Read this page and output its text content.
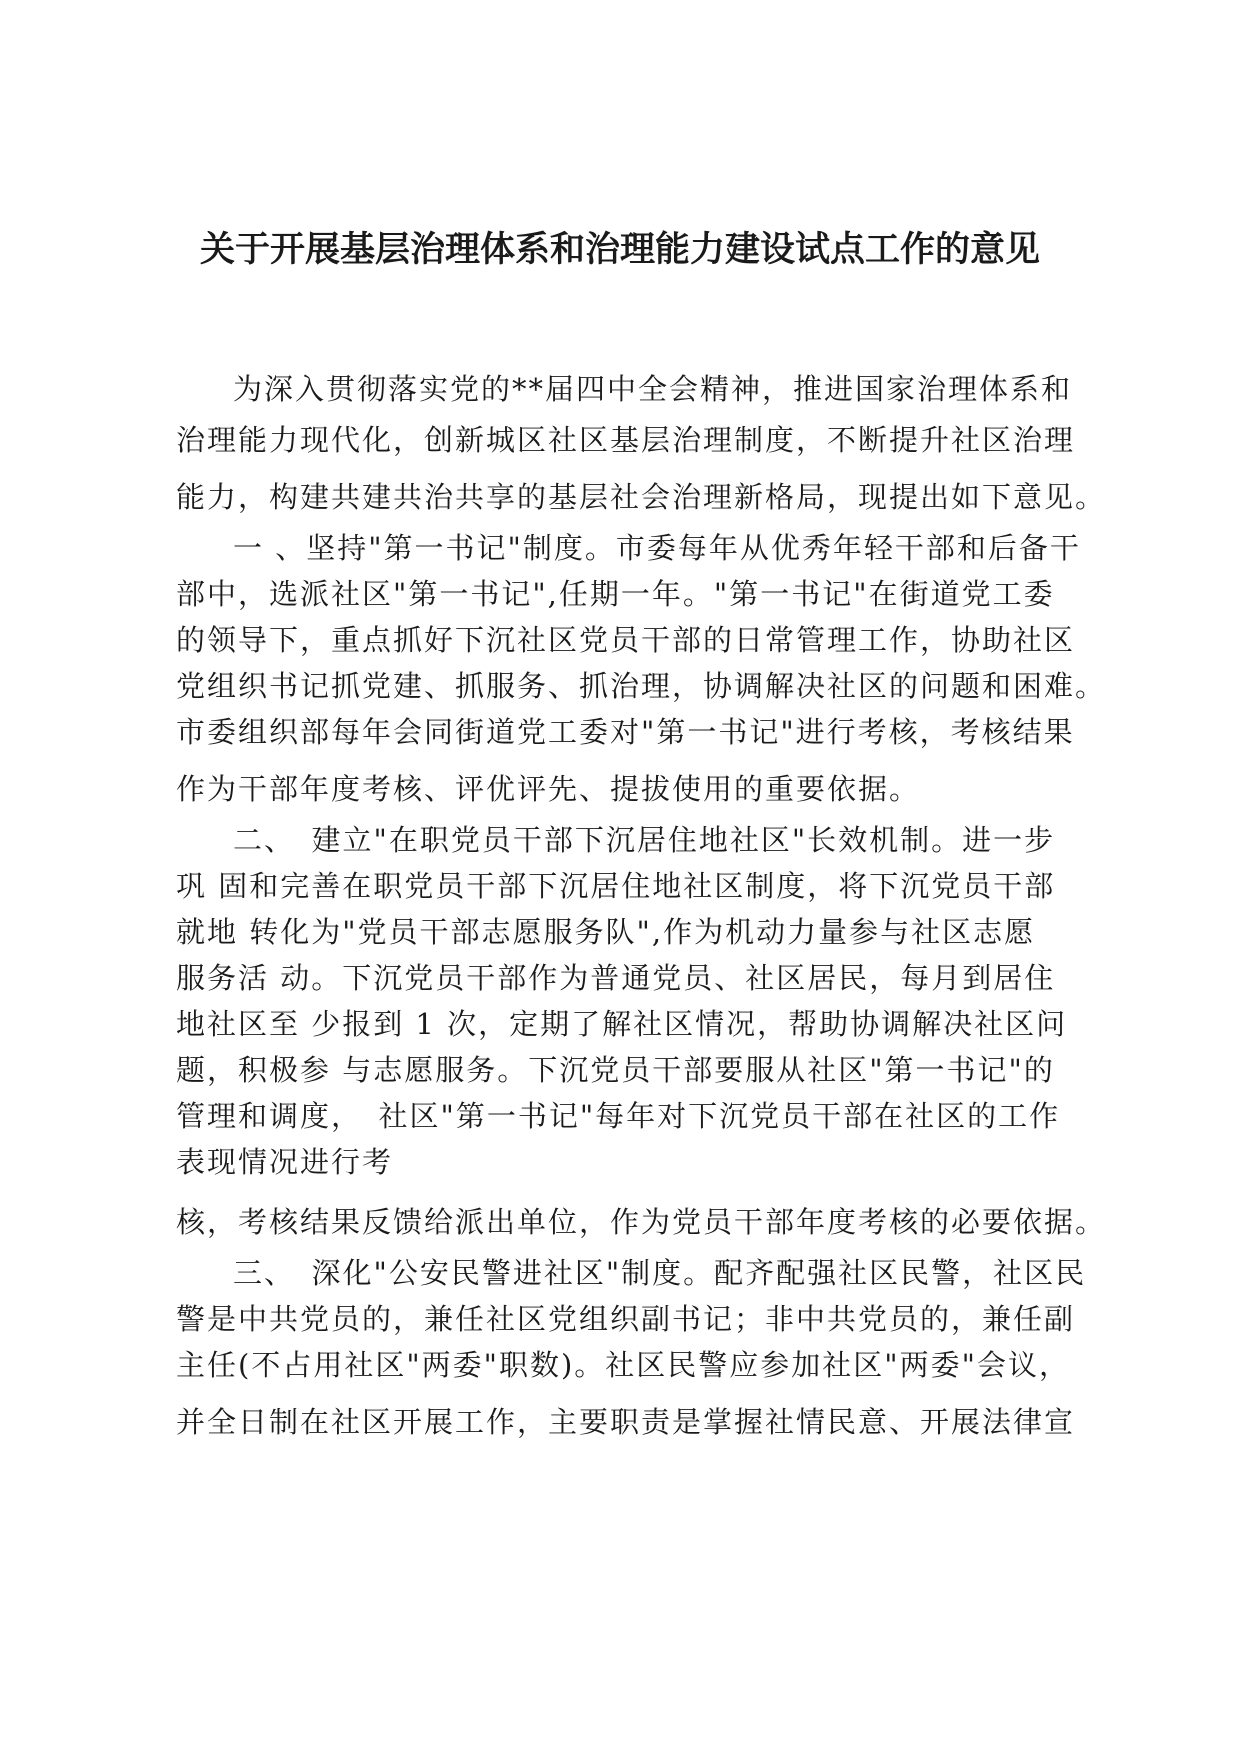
关于开展基层治理体系和治理能力建设试点工作的意见
为深入贯彻落实党的**届四中全会精神，推进国家治理体系和
治理能力现代化，创新城区社区基层治理制度，不断提升社区治理
能力，构建共建共治共享的基层社会治理新格局，现提出如下意见。
一 、坚持"第一书记"制度。市委每年从优秀年轻干部和后备干
部中，选派社区"第一书记",任期一年。"第一书记"在街道党工委
的领导下，重点抓好下沉社区党员干部的日常管理工作，协助社区
党组织书记抓党建、抓服务、抓治理，协调解决社区的问题和困难。
市委组织部每年会同街道党工委对"第一书记"进行考核，考核结果
作为干部年度考核、评优评先、提拔使用的重要依据。
二、　建立"在职党员干部下沉居住地社区"长效机制。进一步
巩 固和完善在职党员干部下沉居住地社区制度，将下沉党员干部
就地 转化为"党员干部志愿服务队",作为机动力量参与社区志愿
服务活 动。下沉党员干部作为普通党员、社区居民，每月到居住
地社区至 少报到 1 次，定期了解社区情况，帮助协调解决社区问
题，积极参 与志愿服务。下沉党员干部要服从社区"第一书记"的
管理和调度，　社区"第一书记"每年对下沉党员干部在社区的工作
表现情况进行考
核，考核结果反馈给派出单位，作为党员干部年度考核的必要依据。
三、　深化"公安民警进社区"制度。配齐配强社区民警，社区民
警是中共党员的，兼任社区党组织副书记；非中共党员的，兼任副
主任(不占用社区"两委"职数)。社区民警应参加社区"两委"会议，
并全日制在社区开展工作，主要职责是掌握社情民意、开展法律宣
